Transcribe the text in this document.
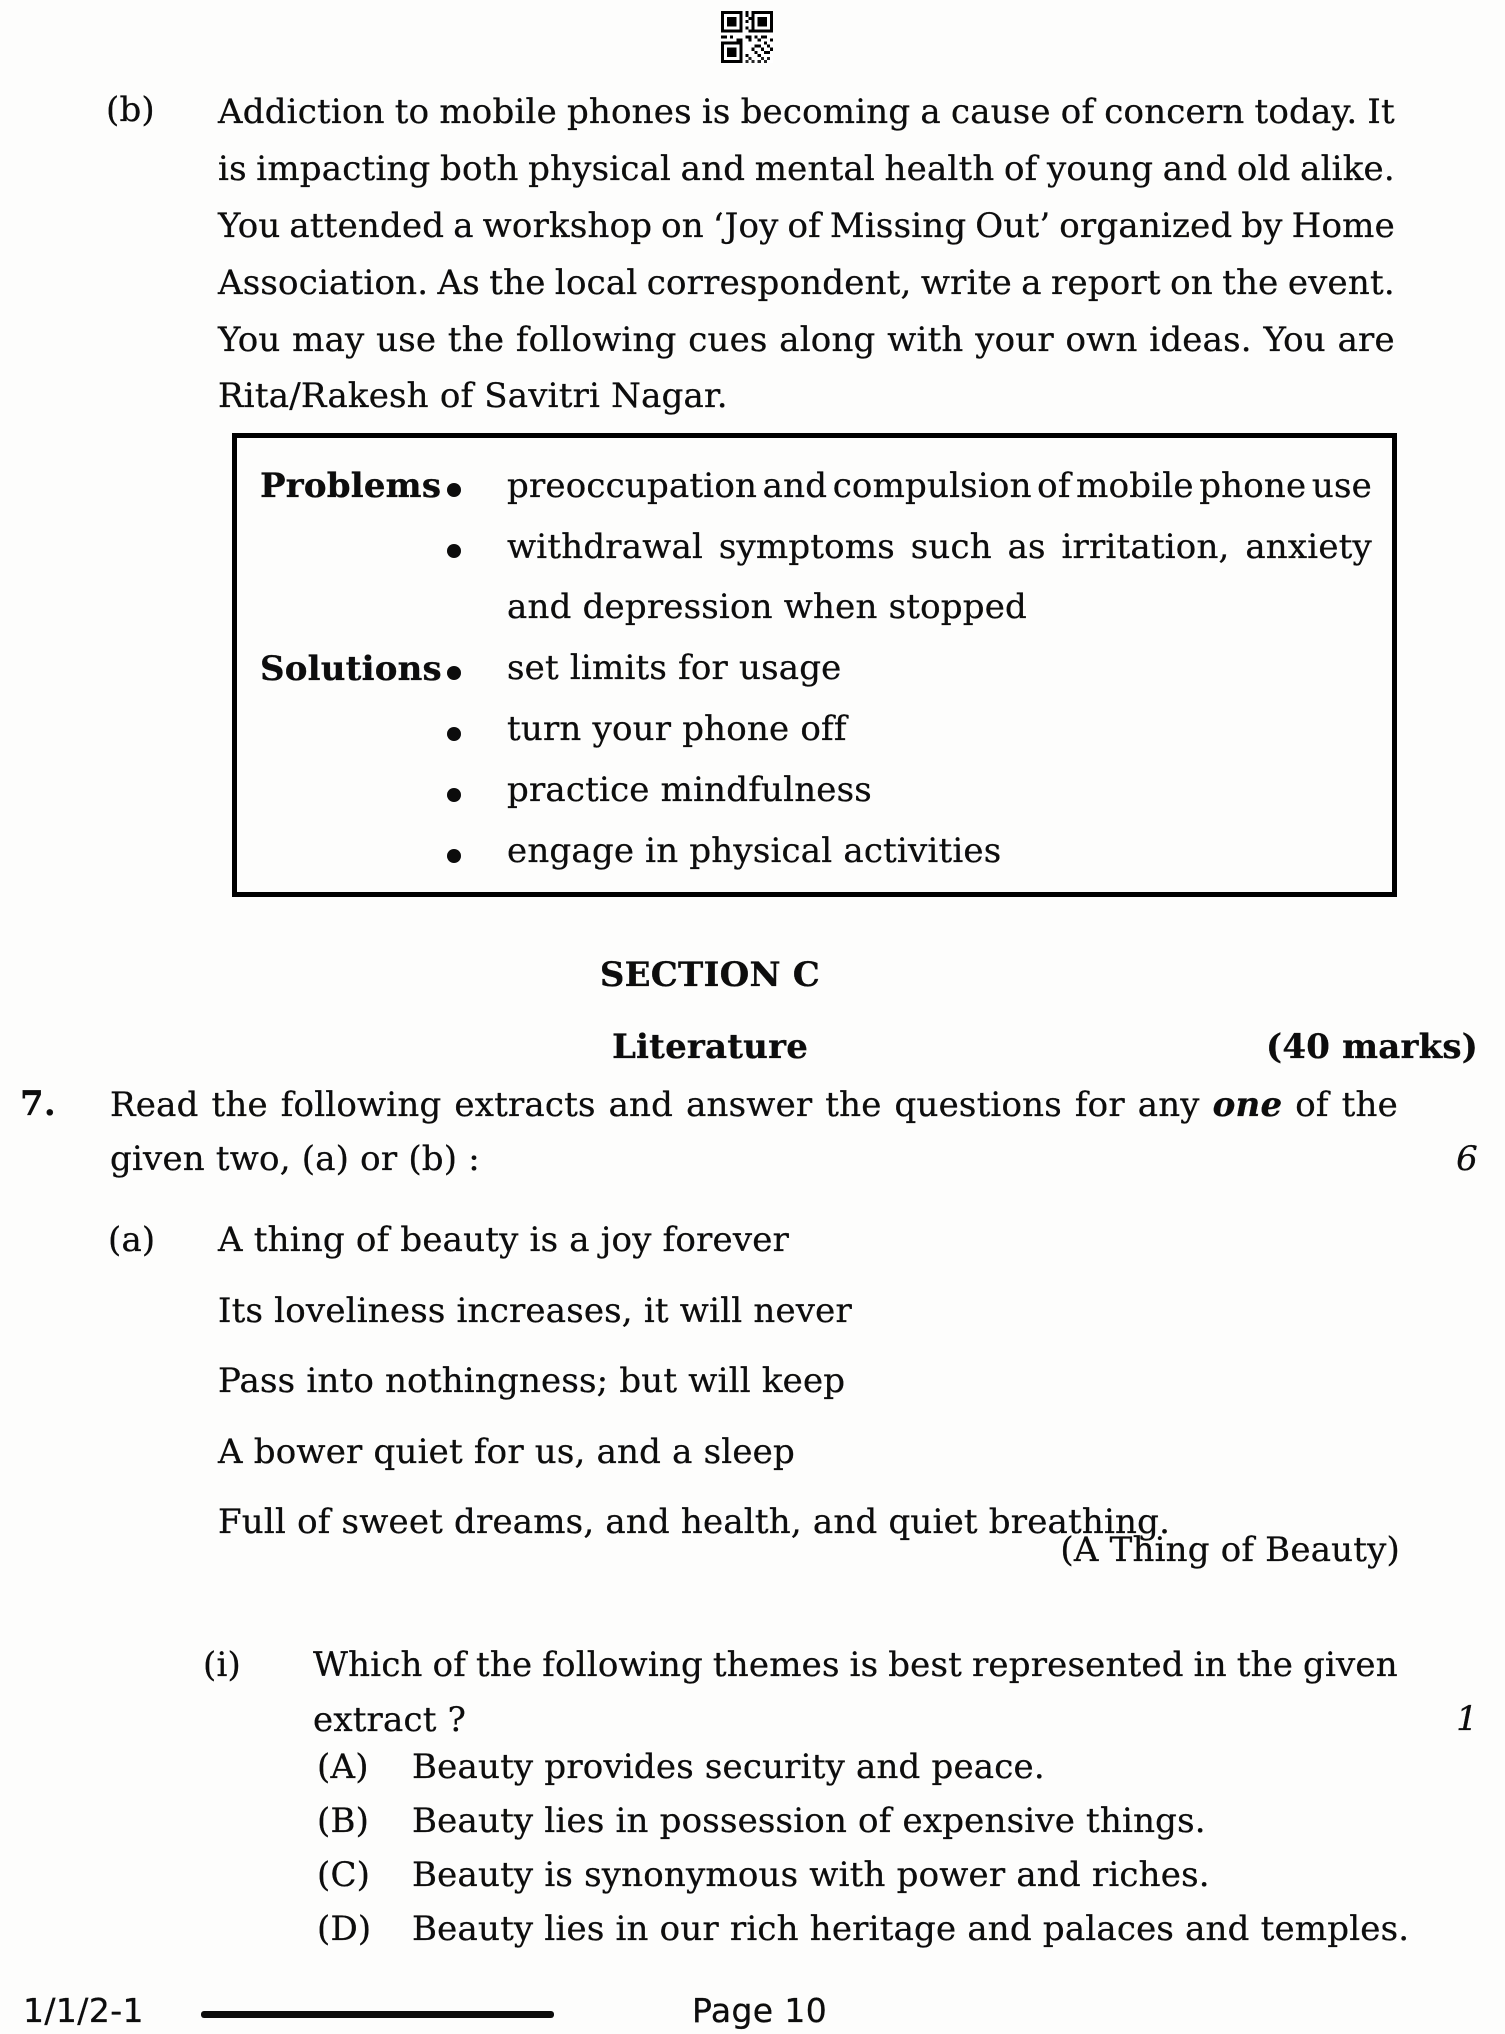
(b) Addiction to mobile phones is becoming a cause of concern today. It
is impacting both physical and mental health of young and old alike.
You attended a workshop on ‘Joy of Missing Out’ organized by Home
Association. As the local correspondent, write a report on the event.
You may use the following cues along with your own ideas. You are
Rita/Rakesh of Savitri Nagar.
Problems preoccupation and compulsion of mobile phone use
withdrawal symptoms such as irritation, anxiety
and depression when stopped
Solutions set limits for usage
turn your phone off
practice mindfulness
engage in physical activities
SECTION C
Literature	(40 marks)
7. Read the following extracts and answer the questions for any one of the
given two, (a) or (b) :	6
(a) A thing of beauty is a joy forever
Its loveliness increases, it will never
Pass into nothingness; but will keep
A bower quiet for us, and a sleep
Full of sweet dreams, and health, and quiet breathing.
(A Thing of Beauty)
(i) Which of the following themes is best represented in the given
extract ?	1
(A)	Beauty provides security and peace.
(B)	Beauty lies in possession of expensive things.
(C)	Beauty is synonymous with power and riches.
(D)	Beauty lies in our rich heritage and palaces and temples.
1/1/2-1	Page 10
